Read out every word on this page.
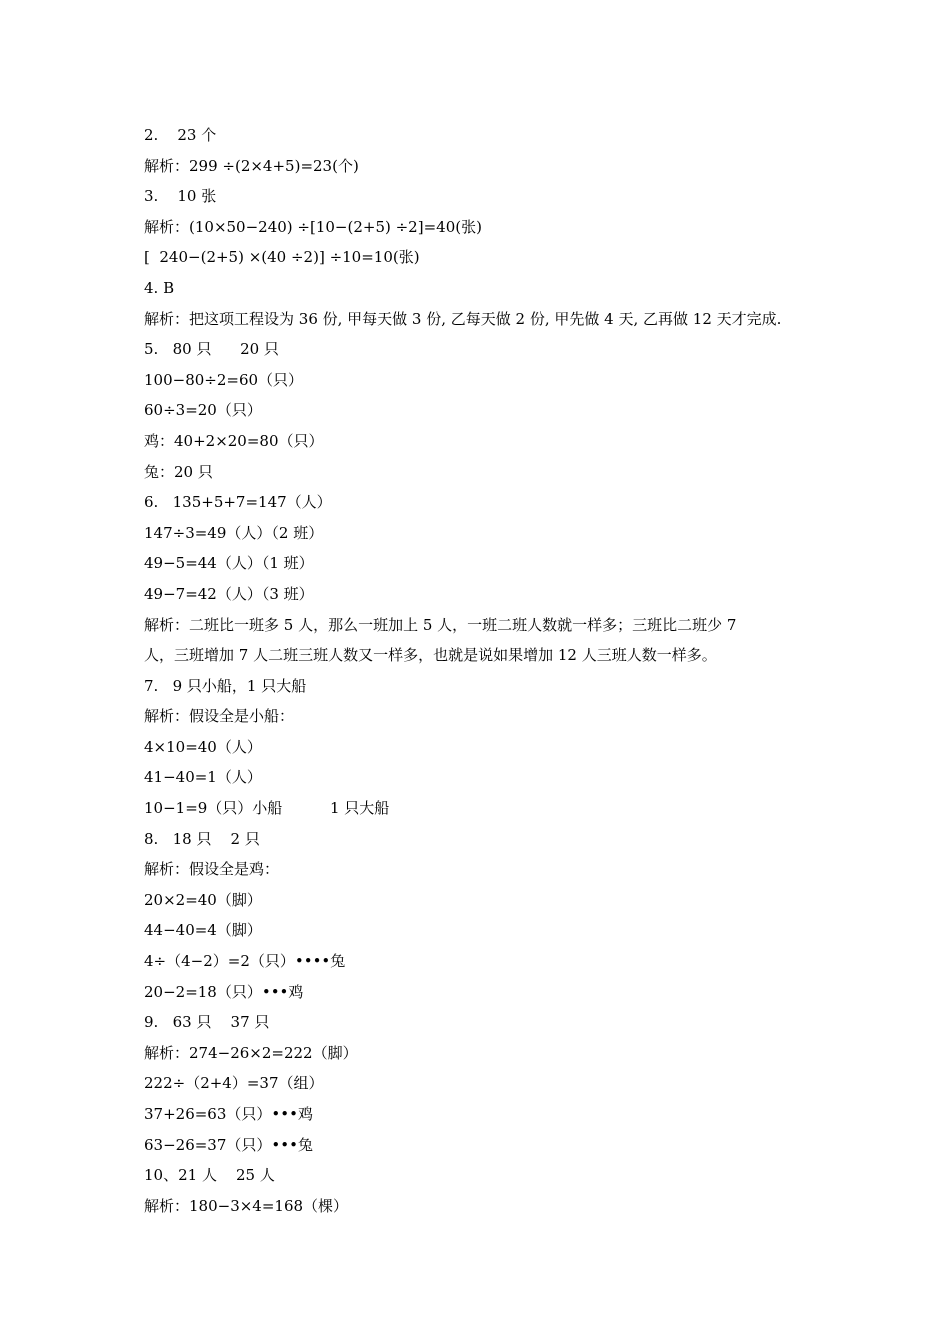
2.    23 个
解析：299 ÷(2×4+5)=23(个)
3.    10 张
解析：(10×50−240) ÷[10−(2+5) ÷2]=40(张)
[  240−(2+5) ×(40 ÷2)] ÷10=10(张)
4. B
解析：把这项工程设为 36 份, 甲每天做 3 份, 乙每天做 2 份, 甲先做 4 天, 乙再做 12 天才完成.
5.   80 只      20 只
100−80÷2=60（只）
60÷3=20（只）
鸡：40+2×20=80（只）
兔：20 只
6.   135+5+7=147（人）
147÷3=49（人）（2 班）
49−5=44（人）（1 班）
49−7=42（人）（3 班）
解析：二班比一班多 5 人，那么一班加上 5 人，一班二班人数就一样多；三班比二班少 7
人，三班增加 7 人二班三班人数又一样多，也就是说如果增加 12 人三班人数一样多。
7.   9 只小船，1 只大船
解析：假设全是小船：
4×10=40（人）
41−40=1（人）
10−1=9（只）小船          1 只大船
8.   18 只    2 只
解析：假设全是鸡：
20×2=40（脚）
44−40=4（脚）
4÷（4−2）=2（只）••••兔
20−2=18（只）•••鸡
9.   63 只    37 只
解析：274−26×2=222（脚）
222÷（2+4）=37（组）
37+26=63（只）•••鸡
63−26=37（只）•••兔
10、21 人    25 人
解析：180−3×4=168（棵）
